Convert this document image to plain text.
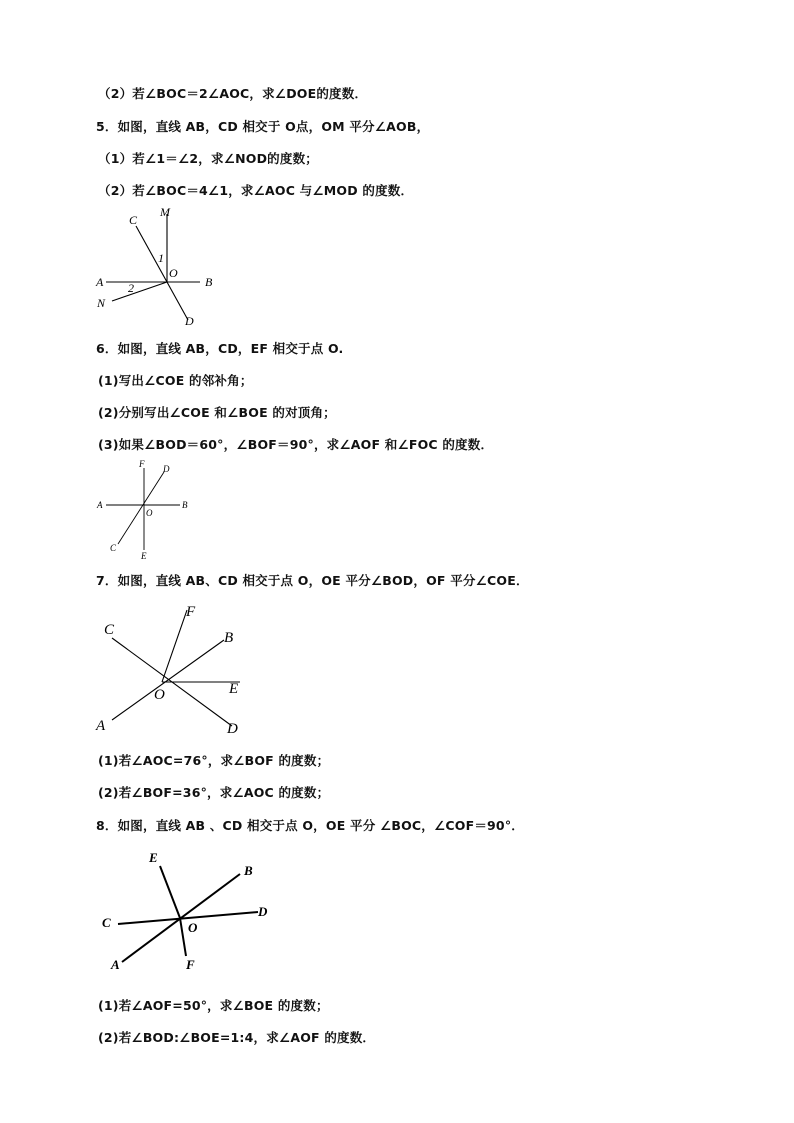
（2）若∠BOC＝2∠AOC，求∠DOE的度数．
5．如图，直线 AB，CD 相交于 O点，OM 平分∠AOB，
（1）若∠1＝∠2，求∠NOD的度数；
（2）若∠BOC＝4∠1，求∠AOC 与∠MOD 的度数．
C
M
1
O
A	B
2
N
D
6．如图，直线 AB，CD，EF 相交于点 O.
(1)写出∠COE 的邻补角；
(2)分别写出∠COE 和∠BOE 的对顶角；
(3)如果∠BOD＝60°，∠BOF＝90°，求∠AOF 和∠FOC 的度数．
F D
A	B
O
C
E
7．如图，直线 AB、CD 相交于点 O，OE 平分∠BOD，OF 平分∠COE．
C
F
B
O	E
A	D
(1)若∠AOC=76°，求∠BOF 的度数；
(2)若∠BOF=36°，求∠AOC 的度数；
8．如图，直线 AB 、CD 相交于点 O，OE 平分 ∠BOC，∠COF＝90°．
E
B
C	O
D
A	F
(1)若∠AOF=50°，求∠BOE 的度数；
(2)若∠BOD:∠BOE=1:4，求∠AOF 的度数．
